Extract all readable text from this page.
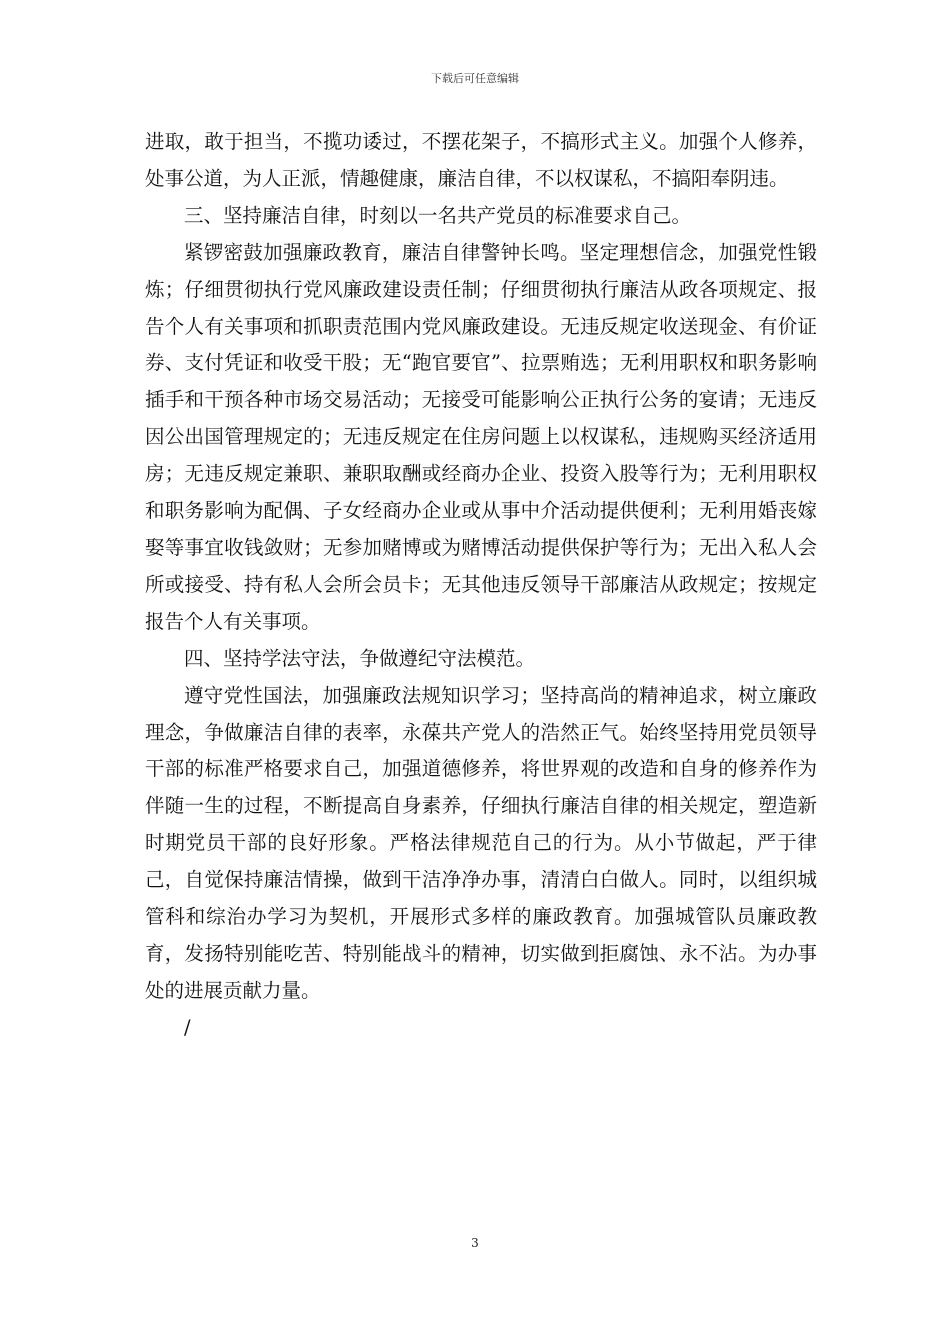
下载后可任意编辑

进取，敢于担当，不揽功诿过，不摆花架子，不搞形式主义。加强个人修养，处事公道，为人正派，情趣健康，廉洁自律，不以权谋私，不搞阳奉阴违。

三、坚持廉洁自律，时刻以一名共产党员的标准要求自己。

紧锣密鼓加强廉政教育，廉洁自律警钟长鸣。坚定理想信念，加强党性锻炼；仔细贯彻执行党风廉政建设责任制；仔细贯彻执行廉洁从政各项规定、报告个人有关事项和抓职责范围内党风廉政建设。无违反规定收送现金、有价证券、支付凭证和收受干股；无“跑官要官”、拉票贿选；无利用职权和职务影响插手和干预各种市场交易活动；无接受可能影响公正执行公务的宴请；无违反因公出国管理规定的；无违反规定在住房问题上以权谋私，违规购买经济适用房；无违反规定兼职、兼职取酬或经商办企业、投资入股等行为；无利用职权和职务影响为配偶、子女经商办企业或从事中介活动提供便利；无利用婚丧嫁娶等事宜收钱敛财；无参加赌博或为赌博活动提供保护等行为；无出入私人会所或接受、持有私人会所会员卡；无其他违反领导干部廉洁从政规定；按规定报告个人有关事项。

四、坚持学法守法，争做遵纪守法模范。

遵守党性国法，加强廉政法规知识学习；坚持高尚的精神追求，树立廉政理念，争做廉洁自律的表率，永葆共产党人的浩然正气。始终坚持用党员领导干部的标准严格要求自己，加强道德修养，将世界观的改造和自身的修养作为伴随一生的过程，不断提高自身素养，仔细执行廉洁自律的相关规定，塑造新时期党员干部的良好形象。严格法律规范自己的行为。从小节做起，严于律己，自觉保持廉洁情操，做到干洁净净办事，清清白白做人。同时，以组织城管科和综治办学习为契机，开展形式多样的廉政教育。加强城管队员廉政教育，发扬特别能吃苦、特别能战斗的精神，切实做到拒腐蚀、永不沾。为办事处的进展贡献力量。

/

3
